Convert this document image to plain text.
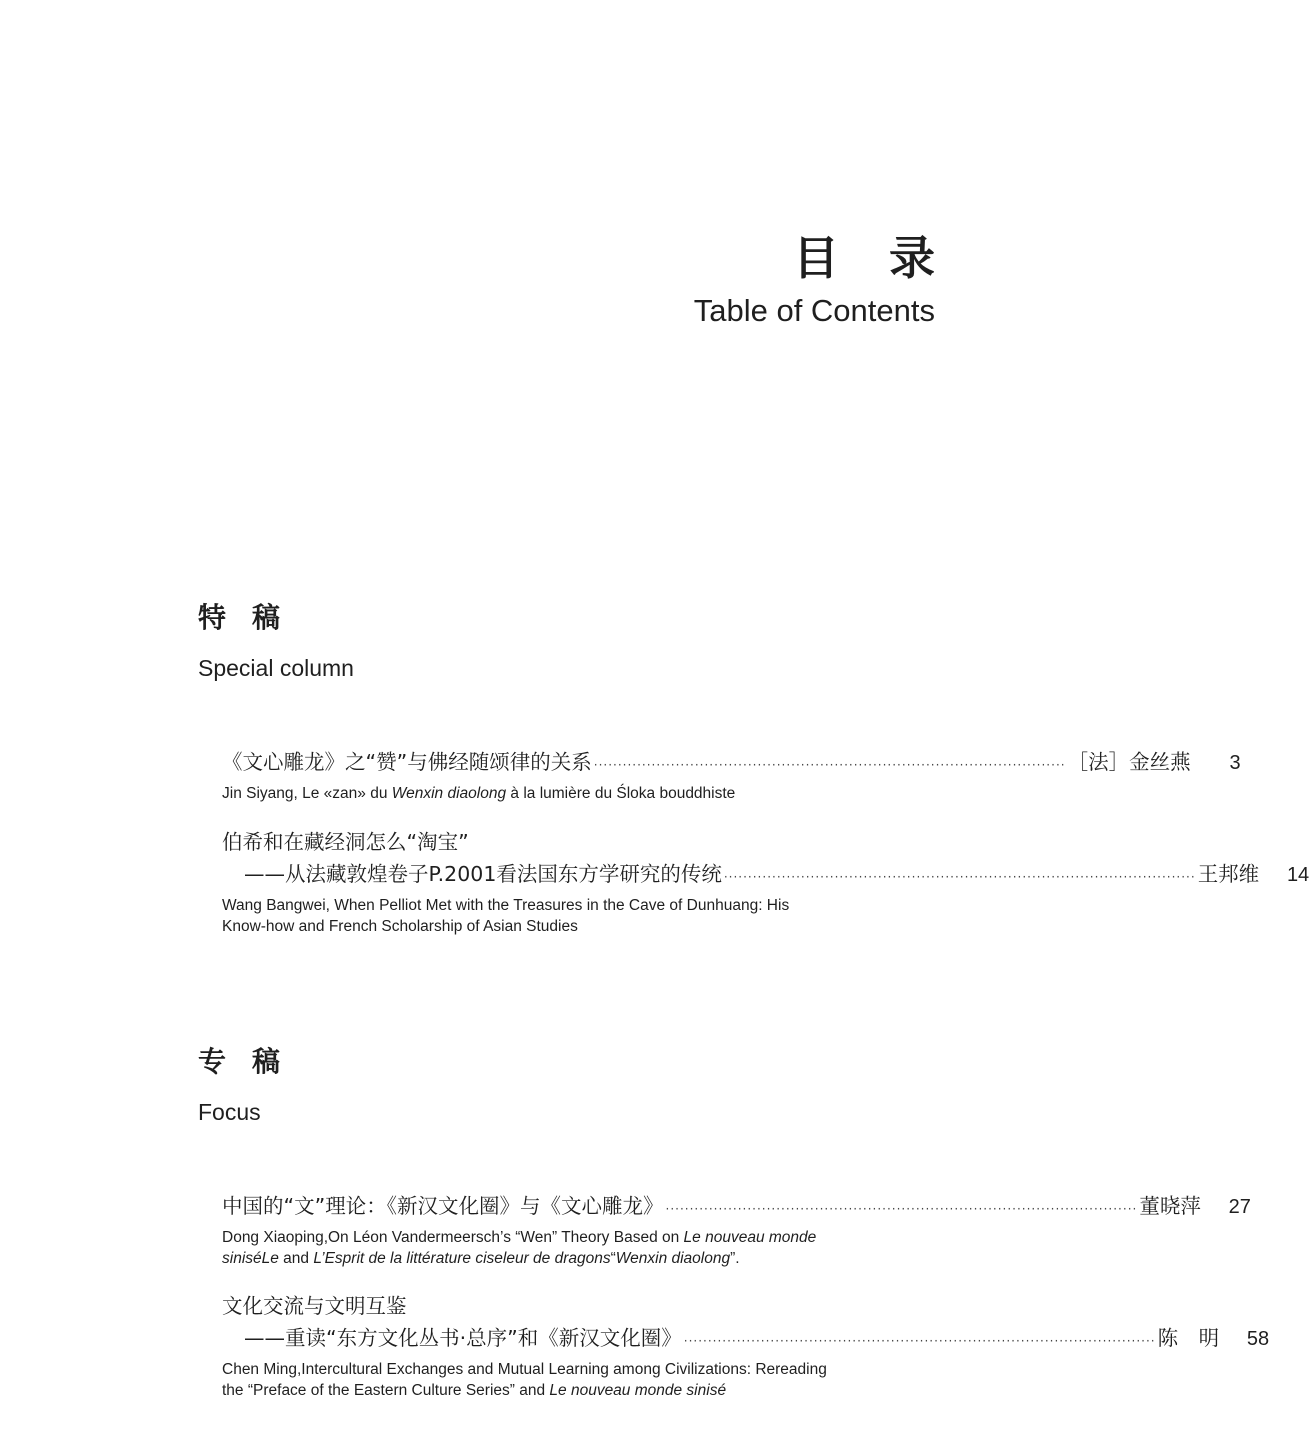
目 录
Table of Contents
特 稿
Special column
《文心雕龙》之“赞”与佛经随颂律的关系 ·································································································· ［法］金丝燕	3
Jin Siyang, Le «zan» du Wenxin diaolong à la lumière du Śloka bouddhiste
伯希和在藏经洞怎么“淘宝”
——从法藏敦煌卷子P.2001看法国东方学研究的传统 ·································································································· 王邦维	14
Wang Bangwei, When Pelliot Met with the Treasures in the Cave of Dunhuang: His
Know-how and French Scholarship of Asian Studies
专 稿
Focus
中国的“文”理论：《新汉文化圈》与《文心雕龙》 ·································································································· 董晓萍	27
Dong Xiaoping,On Léon Vandermeersch’s “Wen” Theory Based on Le nouveau monde
siniséLe and L’Esprit de la littérature ciseleur de dragons“Wenxin diaolong”.
文化交流与文明互鉴
——重读“东方文化丛书·总序”和《新汉文化圈》 ·································································································· 陈　明	58
Chen Ming,Intercultural Exchanges and Mutual Learning among Civilizations: Rereading
the “Preface of the Eastern Culture Series” and Le nouveau monde sinisé
